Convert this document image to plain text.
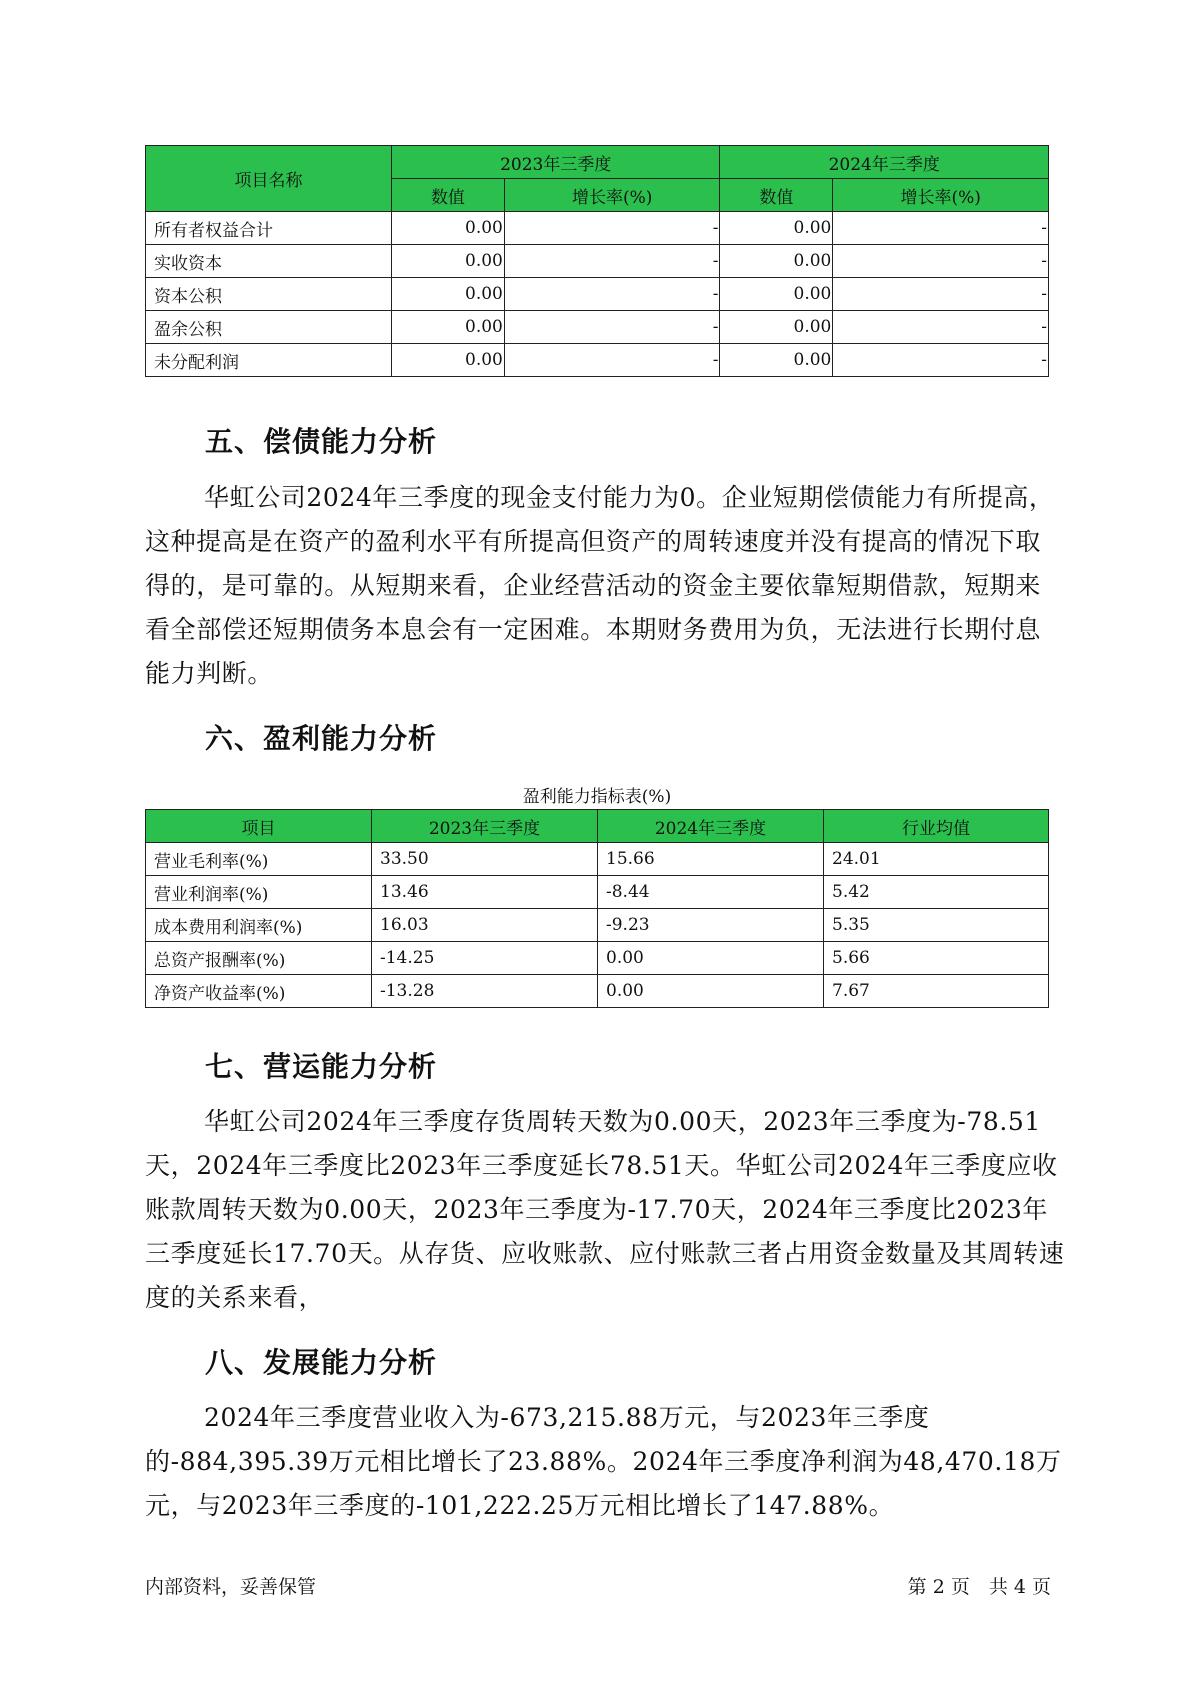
项目名称	2023年三季度		2024年三季度	
	数值	增长率(%)	数值	增长率(%)
所有者权益合计	0.00	-	0.00	-
实收资本	0.00	-	0.00	-
资本公积	0.00	-	0.00	-
盈余公积	0.00	-	0.00	-
未分配利润	0.00	-	0.00	-
五、偿债能力分析

华虹公司2024年三季度的现金支付能力为0。企业短期偿债能力有所提高，这种提高是在资产的盈利水平有所提高但资产的周转速度并没有提高的情况下取得的，是可靠的。从短期来看，企业经营活动的资金主要依靠短期借款，短期来看全部偿还短期债务本息会有一定困难。本期财务费用为负，无法进行长期付息能力判断。

六、盈利能力分析

盈利能力指标表(%)

项目	2023年三季度	2024年三季度	行业均值
营业毛利率(%)	33.50	15.66	24.01
营业利润率(%)	13.46	-8.44	5.42
成本费用利润率(%)	16.03	-9.23	5.35
总资产报酬率(%)	-14.25	0.00	5.66
净资产收益率(%)	-13.28	0.00	7.67
七、营运能力分析

华虹公司2024年三季度存货周转天数为0.00天，2023年三季度为-78.51天，2024年三季度比2023年三季度延长78.51天。华虹公司2024年三季度应收账款周转天数为0.00天，2023年三季度为-17.70天，2024年三季度比2023年三季度延长17.70天。从存货、应收账款、应付账款三者占用资金数量及其周转速度的关系来看，

八、发展能力分析

2024年三季度营业收入为-673,215.88万元，与2023年三季度的-884,395.39万元相比增长了23.88%。2024年三季度净利润为48,470.18万元，与2023年三季度的-101,222.25万元相比增长了147.88%。

内部资料，妥善保管	第 2 页　共 4 页
